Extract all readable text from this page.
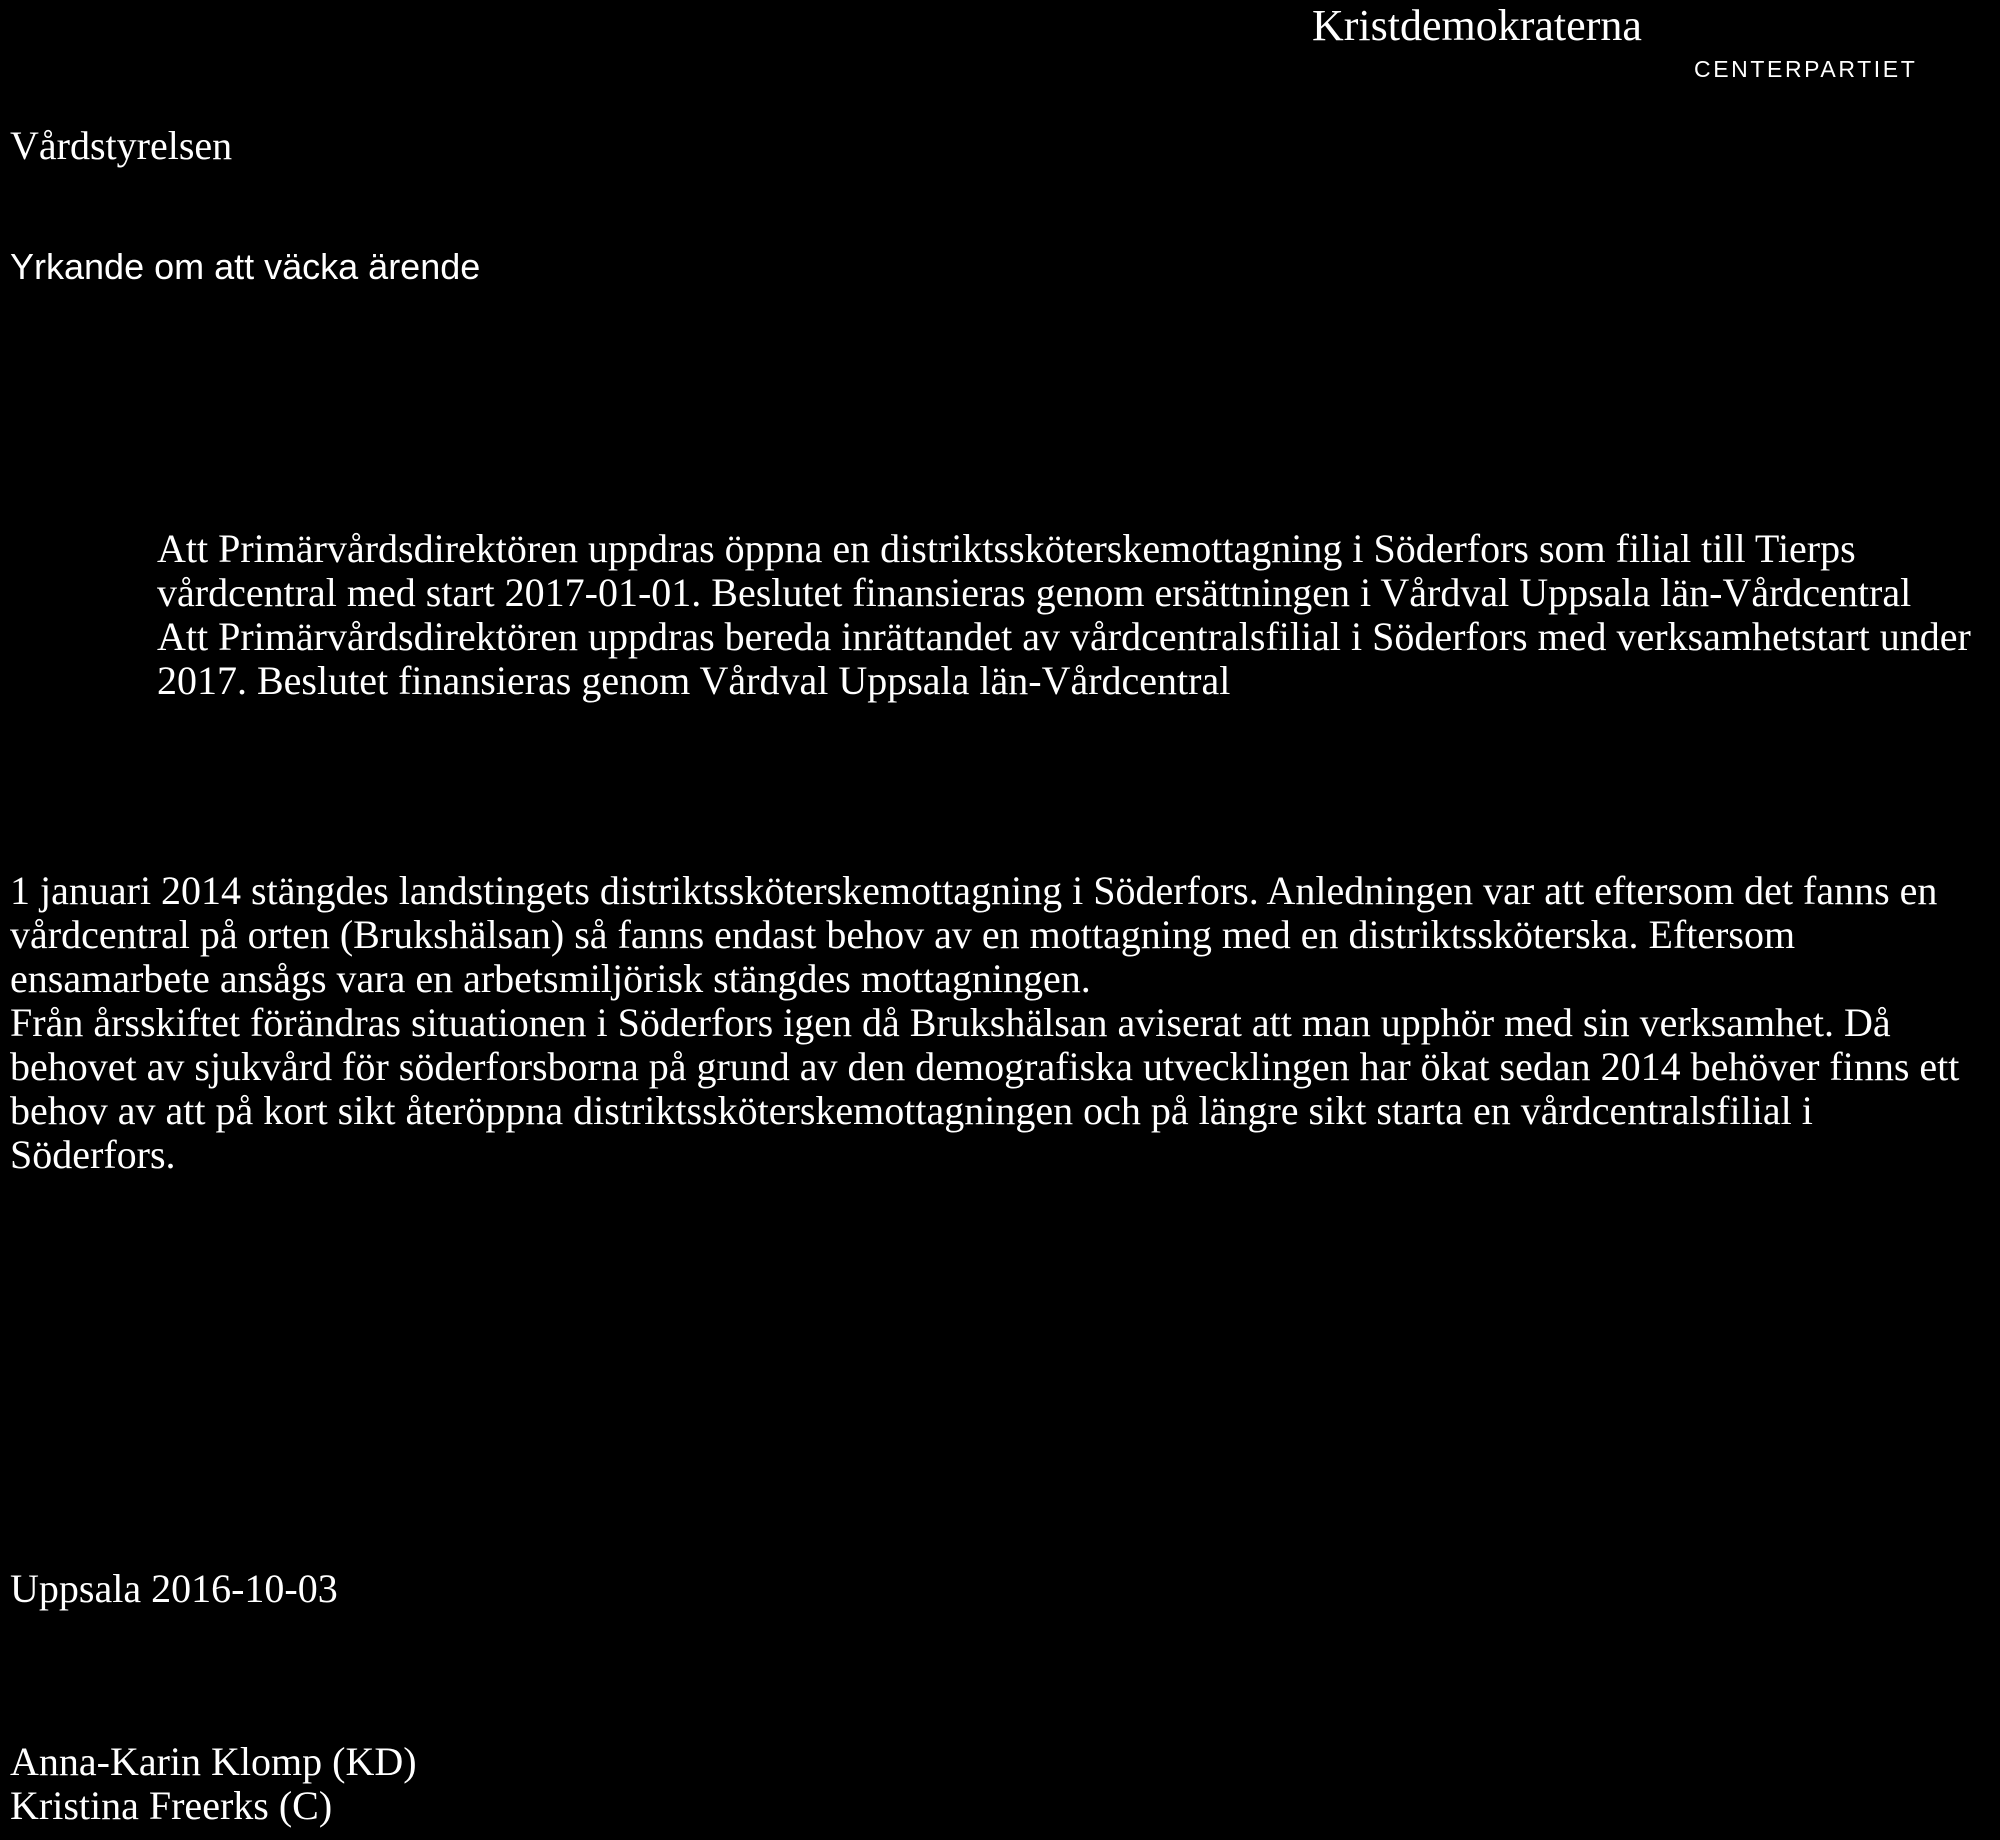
Kristdemokraterna
CENTERPARTIET
Vårdstyrelsen
Yrkande om att väcka ärende

Att Primärvårdsdirektören uppdras öppna en distriktssköterskemottagning i Söderfors som filial till Tierps vårdcentral med start 2017-01-01. Beslutet finansieras genom ersättningen i Vårdval Uppsala län-Vårdcentral

Att Primärvårdsdirektören uppdras bereda inrättandet av vårdcentralsfilial i Söderfors med verksamhetstart under 2017. Beslutet finansieras genom Vårdval Uppsala län-Vårdcentral

1 januari 2014 stängdes landstingets distriktssköterskemottagning i Söderfors. Anledningen var att eftersom det fanns en vårdcentral på orten (Brukshälsan) så fanns endast behov av en mottagning med en distriktssköterska. Eftersom ensamarbete ansågs vara en arbetsmiljörisk stängdes mottagningen.

Från årsskiftet förändras situationen i Söderfors igen då Brukshälsan aviserat att man upphör med sin verksamhet. Då behovet av sjukvård för söderforsborna på grund av den demografiska utvecklingen har ökat sedan 2014 behöver finns ett behov av att på kort sikt återöppna distriktssköterskemottagningen och på längre sikt starta en vårdcentralsfilial i Söderfors.

Uppsala 2016-10-03
Anna-Karin Klomp (KD)
Kristina Freerks (C)
